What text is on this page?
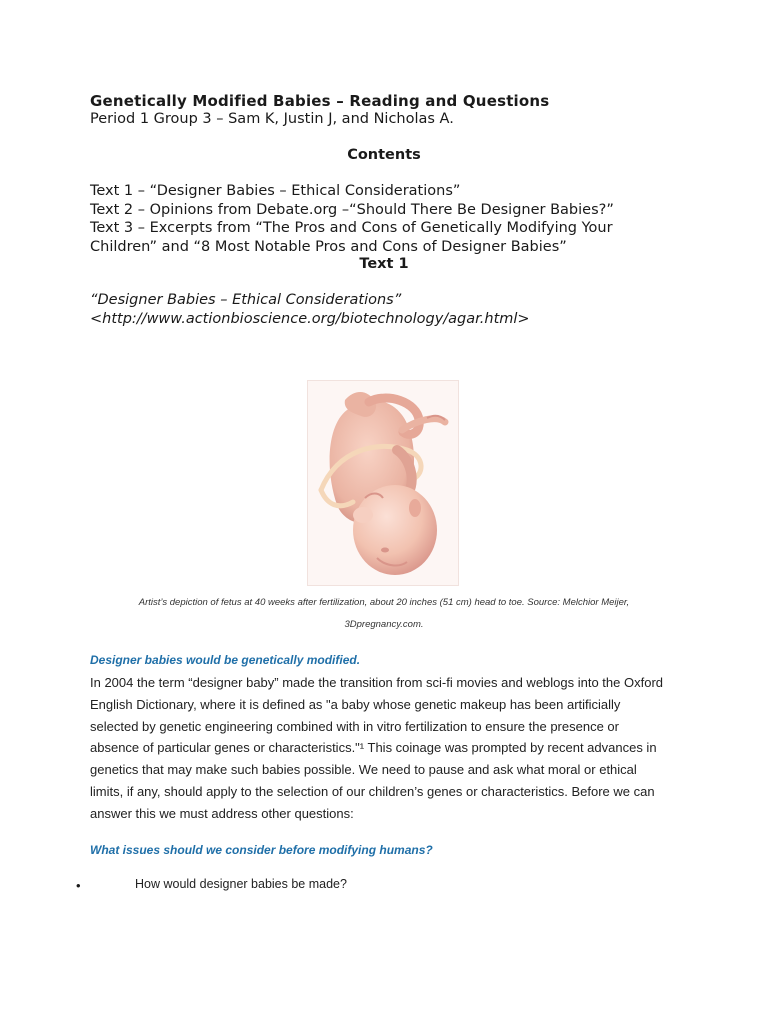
Genetically Modified Babies – Reading and Questions
Period 1 Group 3 – Sam K, Justin J, and Nicholas A.
Contents
Text 1 – “Designer Babies – Ethical Considerations”
Text 2 – Opinions from Debate.org –“Should There Be Designer Babies?”
Text 3 – Excerpts from “The Pros and Cons of Genetically Modifying Your
Children” and “8 Most Notable Pros and Cons of Designer Babies”
Text 1
“Designer Babies – Ethical Considerations”
<http://www.actionbioscience.org/biotechnology/agar.html>
Artist’s depiction of fetus at 40 weeks after fertilization, about 20 inches (51 cm) head to toe. Source: Melchior Meijer,
3Dpregnancy.com.
Designer babies would be genetically modified.
In 2004 the term “designer baby” made the transition from sci-fi movies and weblogs into the Oxford English Dictionary, where it is defined as "a baby whose genetic makeup has been artificially selected by genetic engineering combined with in vitro fertilization to ensure the presence or absence of particular genes or characteristics."¹ This coinage was prompted by recent advances in genetics that may make such babies possible. We need to pause and ask what moral or ethical limits, if any, should apply to the selection of our children’s genes or characteristics. Before we can answer this we must address other questions:
What issues should we consider before modifying humans?
•	How would designer babies be made?
